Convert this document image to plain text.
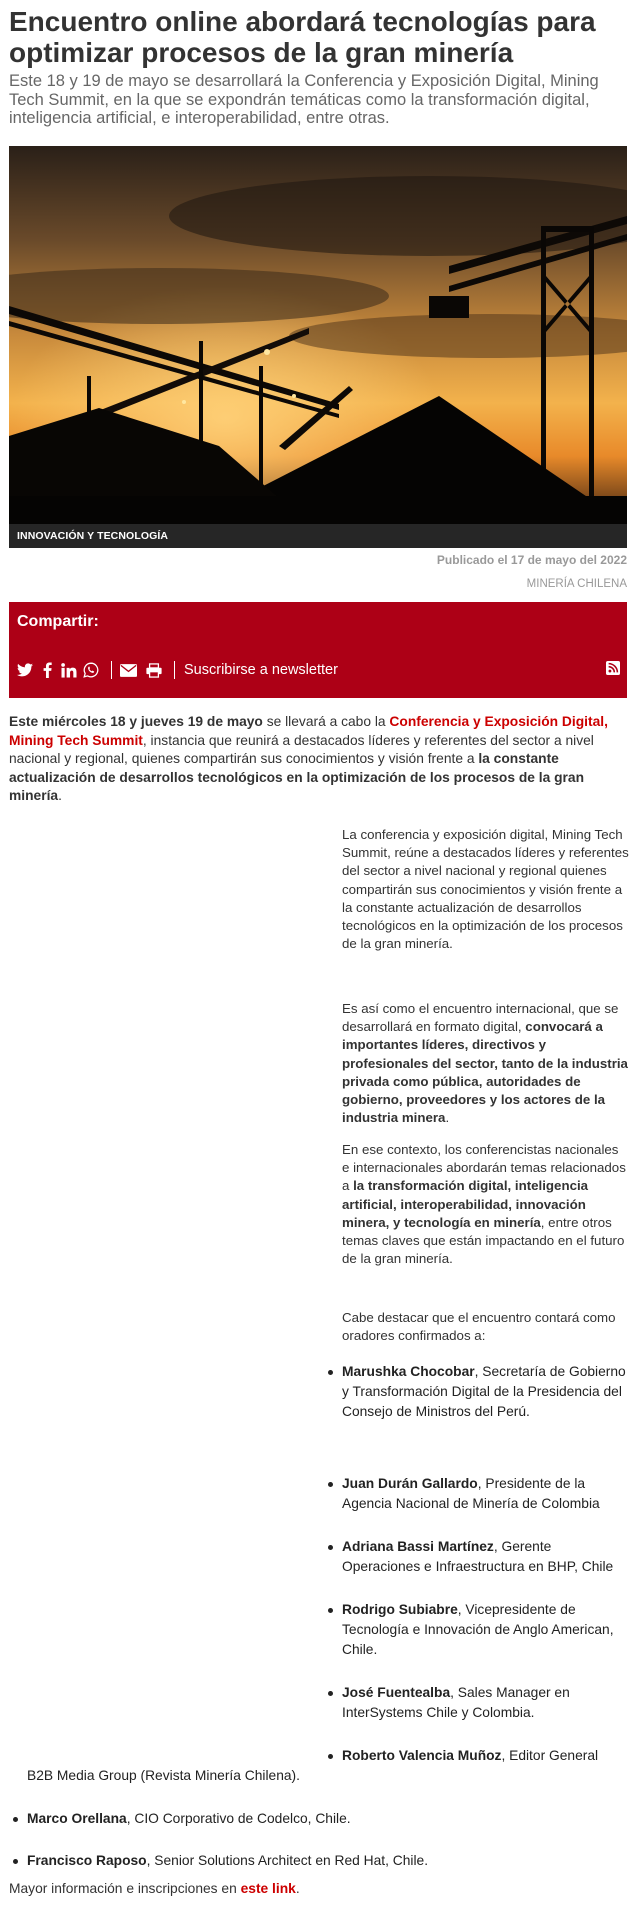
Encuentro online abordará tecnologías para optimizar procesos de la gran minería

Este 18 y 19 de mayo se desarrollará la Conferencia y Exposición Digital, Mining Tech Summit, en la que se expondrán temáticas como la transformación digital, inteligencia artificial, e interoperabilidad, entre otras.

INNOVACIÓN Y TECNOLOGÍA
Publicado el 17 de mayo del 2022
MINERÍA CHILENA
Compartir:
Suscribirse a newsletter

Este miércoles 18 y jueves 19 de mayo se llevará a cabo la Conferencia y Exposición Digital, Mining Tech Summit, instancia que reunirá a destacados líderes y referentes del sector a nivel nacional y regional, quienes compartirán sus conocimientos y visión frente a la constante actualización de desarrollos tecnológicos en la optimización de los procesos de la gran minería.

La conferencia y exposición digital, Mining Tech Summit, reúne a destacados líderes y referentes del sector a nivel nacional y regional quienes compartirán sus conocimientos y visión frente a la constante actualización de desarrollos tecnológicos en la optimización de los procesos de la gran minería.

Es así como el encuentro internacional, que se desarrollará en formato digital, convocará a importantes líderes, directivos y profesionales del sector, tanto de la industria privada como pública, autoridades de gobierno, proveedores y los actores de la industria minera.

En ese contexto, los conferencistas nacionales e internacionales abordarán temas relacionados a la transformación digital, inteligencia artificial, interoperabilidad, innovación minera, y tecnología en minería, entre otros temas claves que están impactando en el futuro de la gran minería.

Cabe destacar que el encuentro contará como oradores confirmados a:

Marushka Chocobar, Secretaría de Gobierno y Transformación Digital de la Presidencia del Consejo de Ministros del Perú.
Juan Durán Gallardo, Presidente de la Agencia Nacional de Minería de Colombia
Adriana Bassi Martínez, Gerente Operaciones e Infraestructura en BHP, Chile
Rodrigo Subiabre, Vicepresidente de Tecnología e Innovación de Anglo American, Chile.
José Fuentealba, Sales Manager en InterSystems Chile y Colombia.
Roberto Valencia Muñoz, Editor General
B2B Media Group (Revista Minería Chilena).
Marco Orellana, CIO Corporativo de Codelco, Chile.
Francisco Raposo, Senior Solutions Architect en Red Hat, Chile.

Mayor información e inscripciones en este link.
